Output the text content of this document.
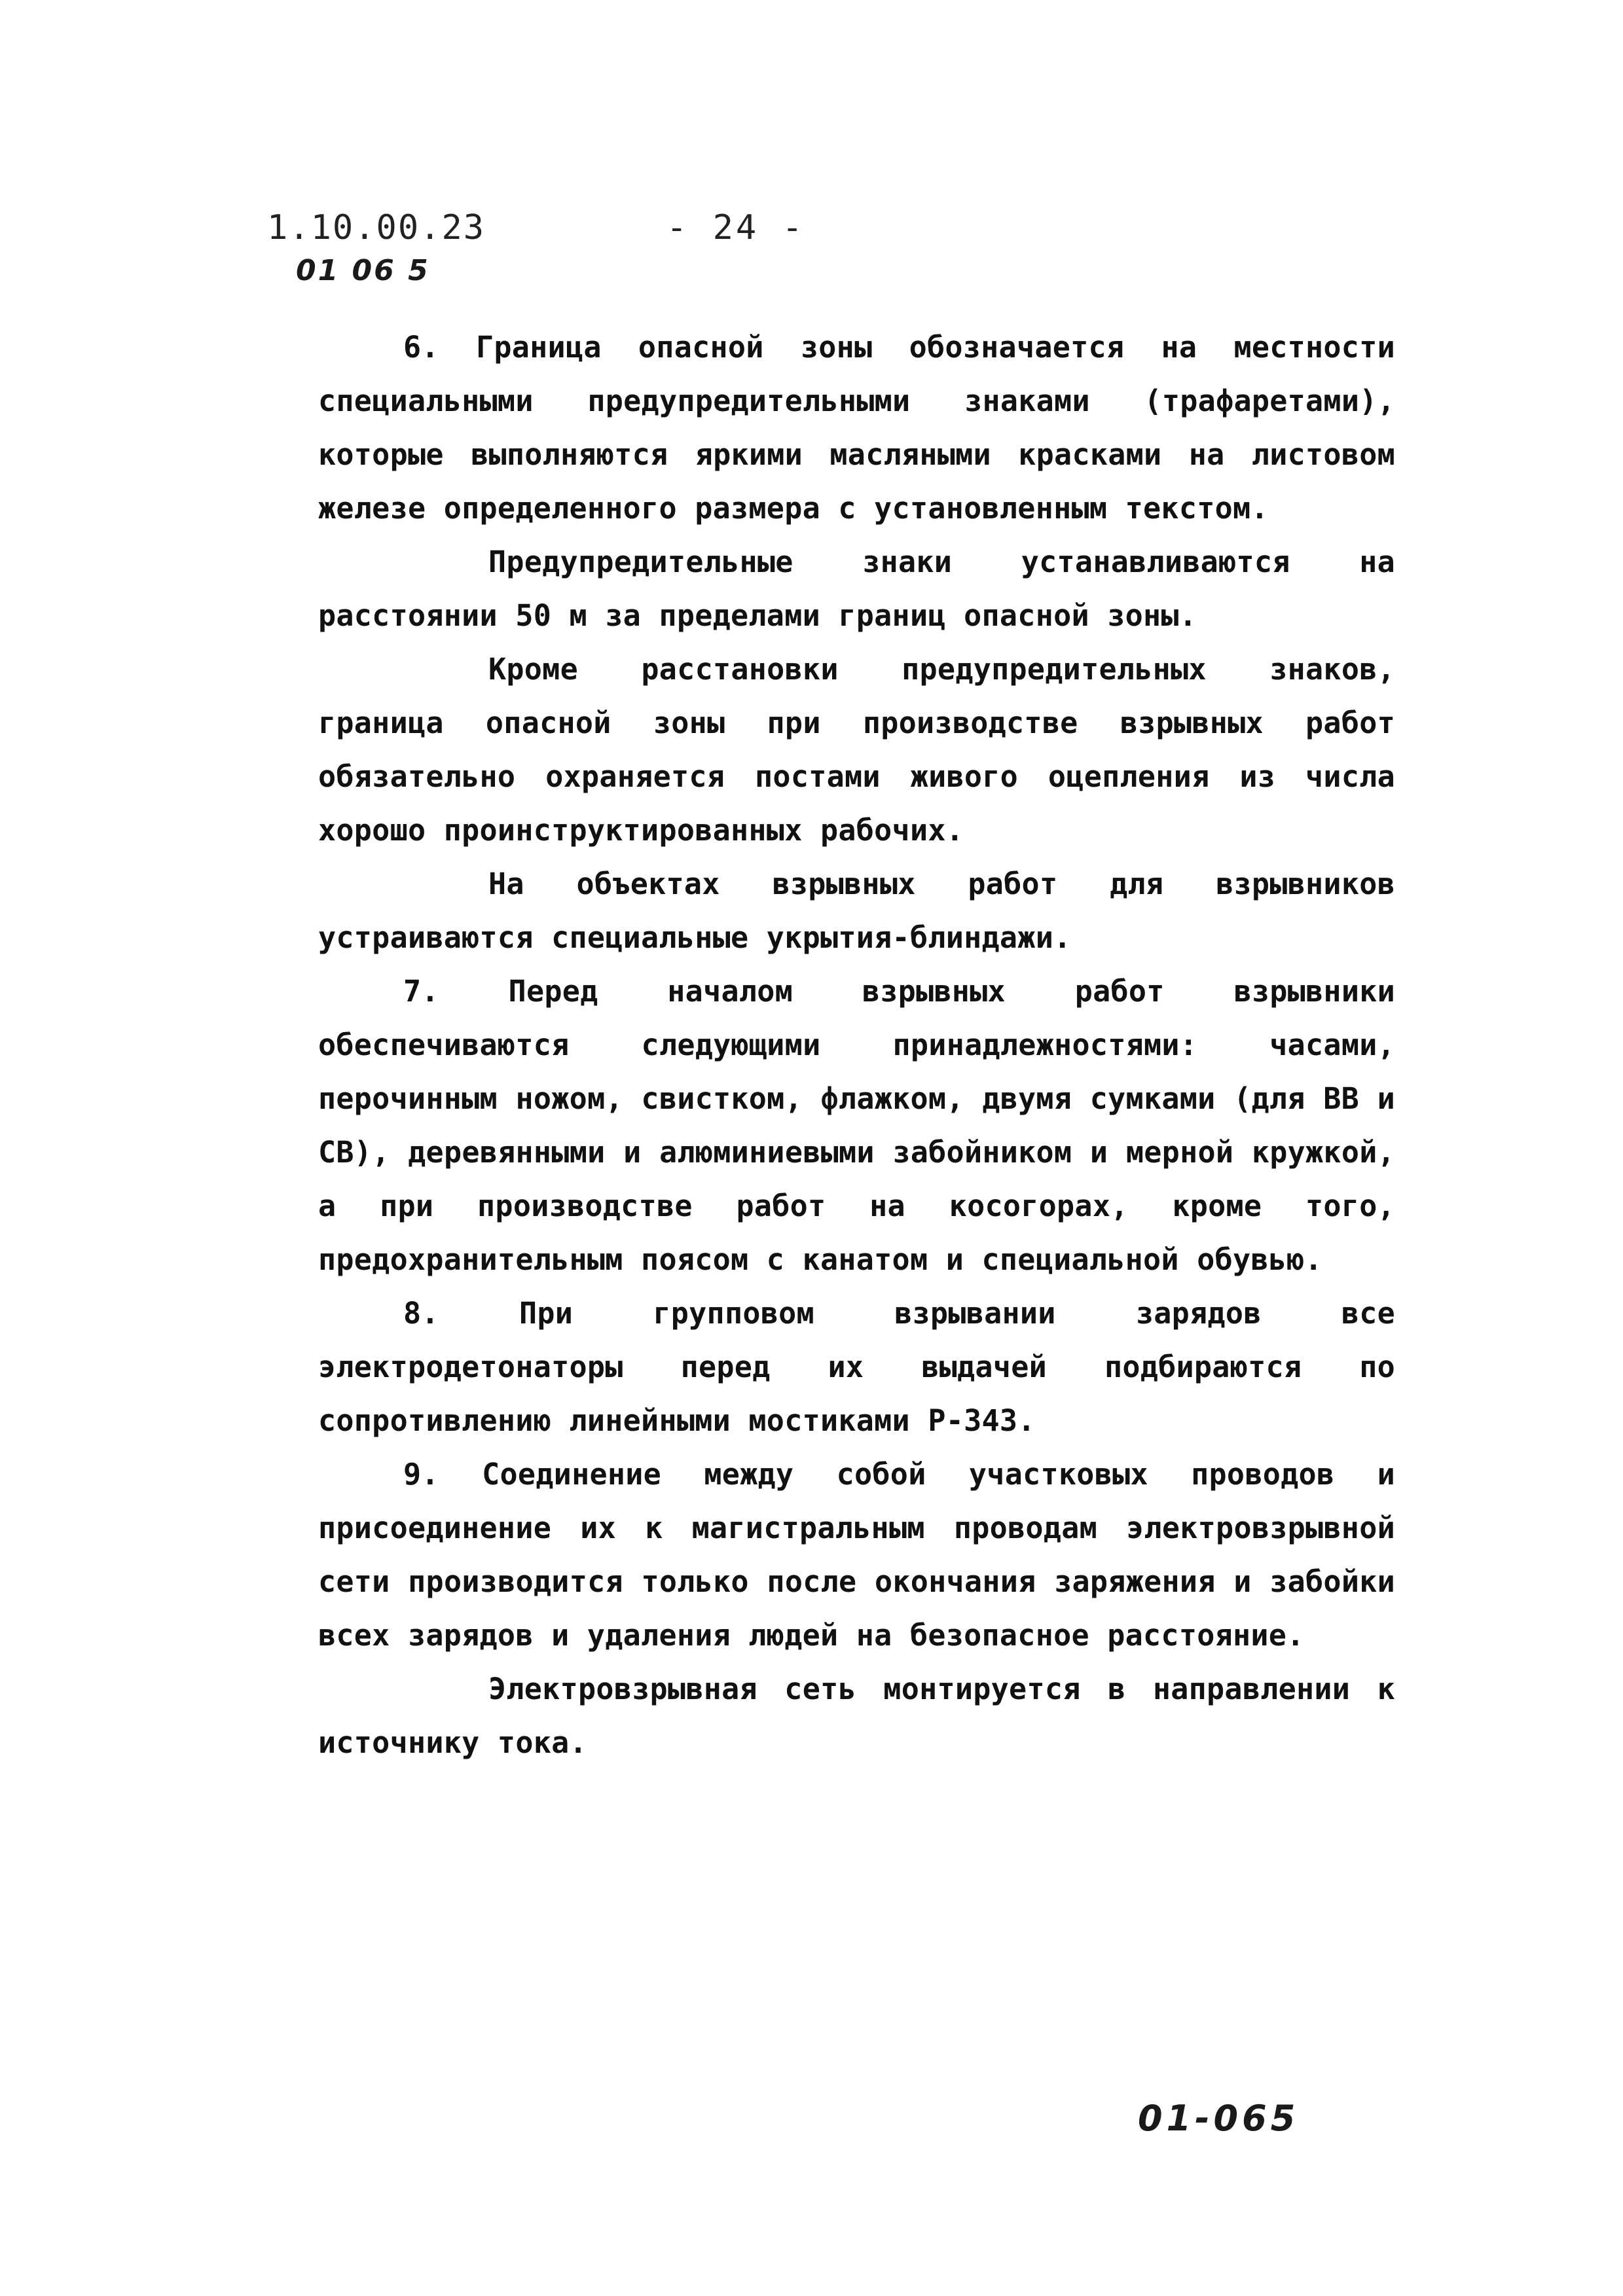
1.10.00.23	- 24 -
01 06 5

6. Граница опасной зоны обозначается на местности специальными предупредительными знаками (трафаретами), которые выполняются яркими масляными красками на листовом железе определенного размера с установленным текстом.

Предупредительные знаки устанавливаются на расстоянии 50 м за пределами границ опасной зоны.

Кроме расстановки предупредительных знаков, граница опасной зоны при производстве взрывных работ обязательно охраняется постами живого оцепления из числа хорошо проинструктированных рабочих.

На объектах взрывных работ для взрывников устраиваются специальные укрытия-блиндажи.

7. Перед началом взрывных работ взрывники обеспечиваются следующими принадлежностями: часами, перочинным ножом, свистком, флажком, двумя сумками (для ВВ и СВ), деревянными и алюминиевыми забойником и мерной кружкой, а при производстве работ на косогорах, кроме того, предохранительным поясом с канатом и специальной обувью.

8. При групповом взрывании зарядов все электродетонаторы перед их выдачей подбираются по сопротивлению линейными мостиками Р-343.

9. Соединение между собой участковых проводов и присоединение их к магистральным проводам электровзрывной сети производится только после окончания заряжения и забойки всех зарядов и удаления людей на безопасное расстояние.

Электровзрывная сеть монтируется в направлении к источнику тока.

01-065
